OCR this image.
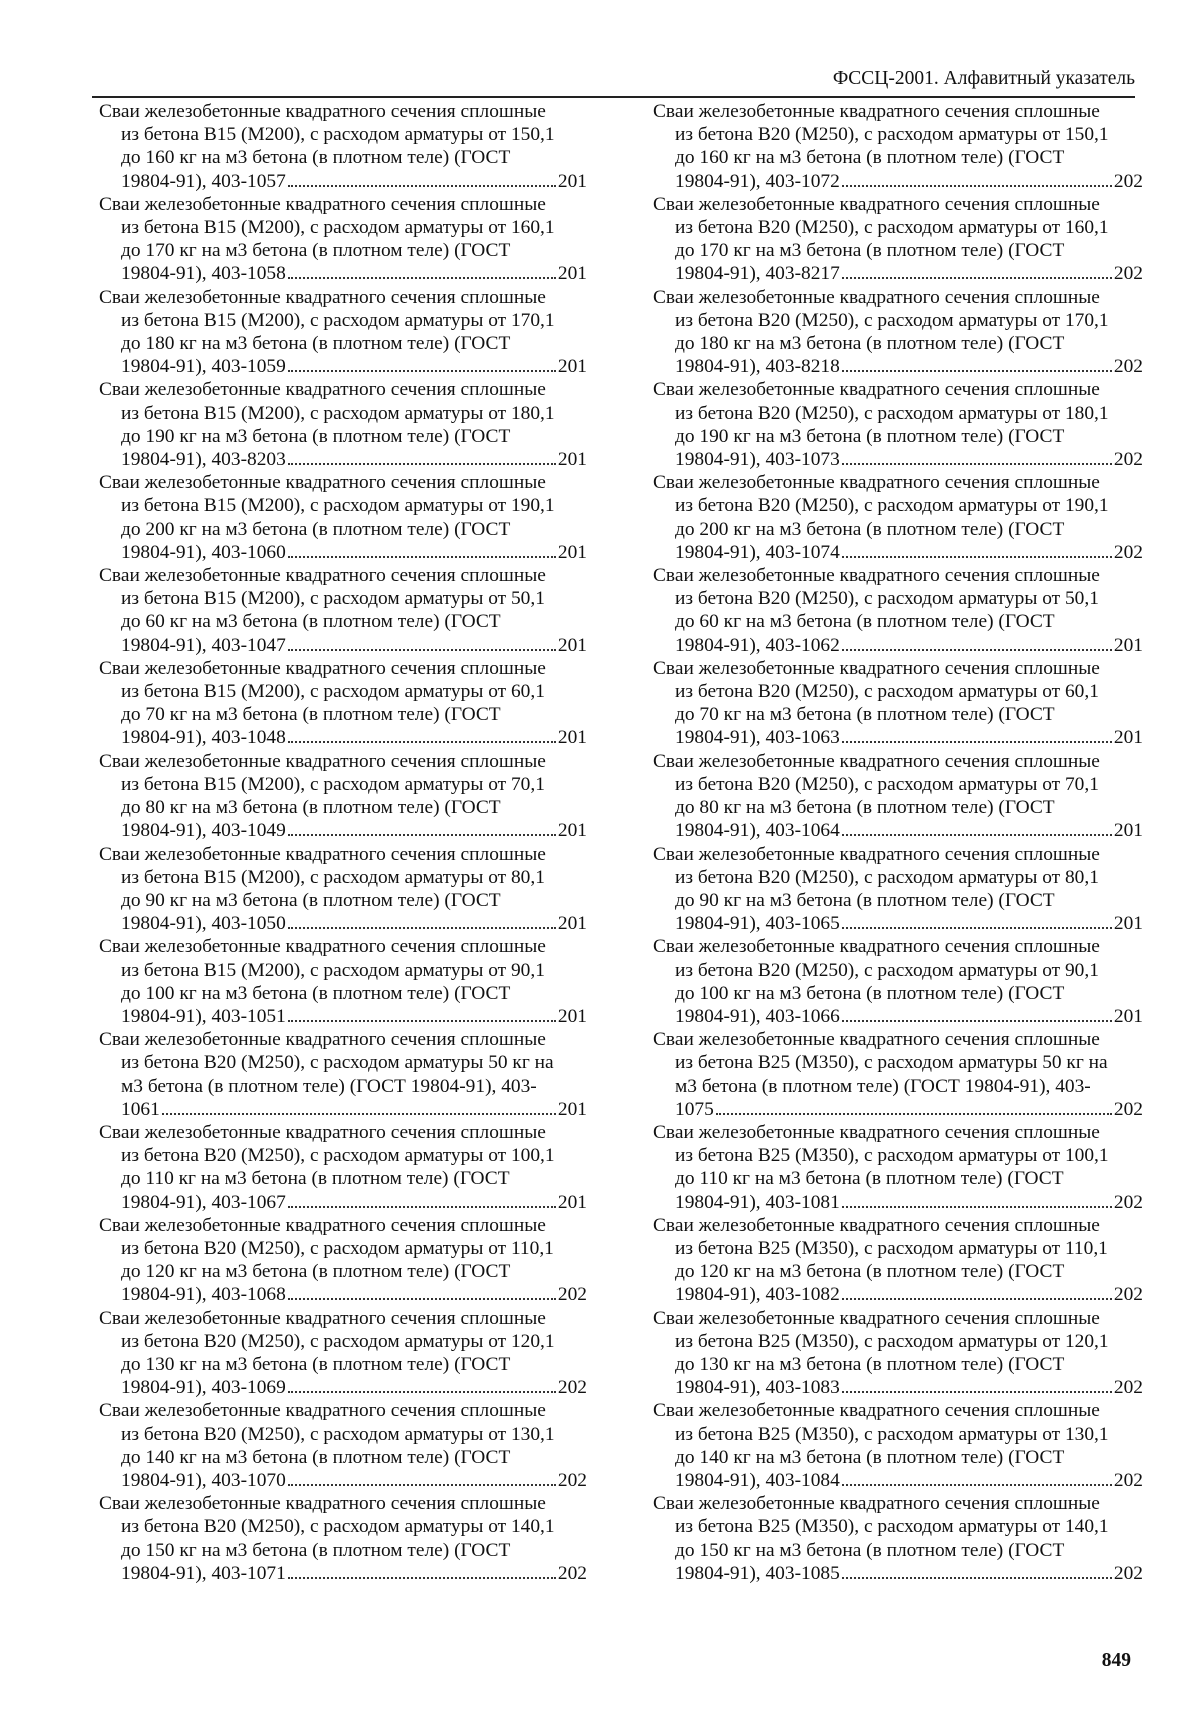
ФССЦ-2001. Алфавитный указатель
Сваи железобетонные квадратного сечения сплошные
из бетона В15 (М200), с расходом арматуры от 150,1
до 160 кг на м3 бетона (в плотном теле) (ГОСТ
19804-91), 403-1057	201
Сваи железобетонные квадратного сечения сплошные
из бетона В15 (М200), с расходом арматуры от 160,1
до 170 кг на м3 бетона (в плотном теле) (ГОСТ
19804-91), 403-1058	201
Сваи железобетонные квадратного сечения сплошные
из бетона В15 (М200), с расходом арматуры от 170,1
до 180 кг на м3 бетона (в плотном теле) (ГОСТ
19804-91), 403-1059	201
Сваи железобетонные квадратного сечения сплошные
из бетона В15 (М200), с расходом арматуры от 180,1
до 190 кг на м3 бетона (в плотном теле) (ГОСТ
19804-91), 403-8203	201
Сваи железобетонные квадратного сечения сплошные
из бетона В15 (М200), с расходом арматуры от 190,1
до 200 кг на м3 бетона (в плотном теле) (ГОСТ
19804-91), 403-1060	201
Сваи железобетонные квадратного сечения сплошные
из бетона В15 (М200), с расходом арматуры от 50,1
до 60 кг на м3 бетона (в плотном теле) (ГОСТ
19804-91), 403-1047	201
Сваи железобетонные квадратного сечения сплошные
из бетона В15 (М200), с расходом арматуры от 60,1
до 70 кг на м3 бетона (в плотном теле) (ГОСТ
19804-91), 403-1048	201
Сваи железобетонные квадратного сечения сплошные
из бетона В15 (М200), с расходом арматуры от 70,1
до 80 кг на м3 бетона (в плотном теле) (ГОСТ
19804-91), 403-1049	201
Сваи железобетонные квадратного сечения сплошные
из бетона В15 (М200), с расходом арматуры от 80,1
до 90 кг на м3 бетона (в плотном теле) (ГОСТ
19804-91), 403-1050	201
Сваи железобетонные квадратного сечения сплошные
из бетона В15 (М200), с расходом арматуры от 90,1
до 100 кг на м3 бетона (в плотном теле) (ГОСТ
19804-91), 403-1051	201
Сваи железобетонные квадратного сечения сплошные
из бетона В20 (М250), с расходом арматуры 50 кг на
м3 бетона (в плотном теле) (ГОСТ 19804-91), 403-
1061	201
Сваи железобетонные квадратного сечения сплошные
из бетона В20 (М250), с расходом арматуры от 100,1
до 110 кг на м3 бетона (в плотном теле) (ГОСТ
19804-91), 403-1067	201
Сваи железобетонные квадратного сечения сплошные
из бетона В20 (М250), с расходом арматуры от 110,1
до 120 кг на м3 бетона (в плотном теле) (ГОСТ
19804-91), 403-1068	202
Сваи железобетонные квадратного сечения сплошные
из бетона В20 (М250), с расходом арматуры от 120,1
до 130 кг на м3 бетона (в плотном теле) (ГОСТ
19804-91), 403-1069	202
Сваи железобетонные квадратного сечения сплошные
из бетона В20 (М250), с расходом арматуры от 130,1
до 140 кг на м3 бетона (в плотном теле) (ГОСТ
19804-91), 403-1070	202
Сваи железобетонные квадратного сечения сплошные
из бетона В20 (М250), с расходом арматуры от 140,1
до 150 кг на м3 бетона (в плотном теле) (ГОСТ
19804-91), 403-1071	202
Сваи железобетонные квадратного сечения сплошные
из бетона В20 (М250), с расходом арматуры от 150,1
до 160 кг на м3 бетона (в плотном теле) (ГОСТ
19804-91), 403-1072	202
Сваи железобетонные квадратного сечения сплошные
из бетона В20 (М250), с расходом арматуры от 160,1
до 170 кг на м3 бетона (в плотном теле) (ГОСТ
19804-91), 403-8217	202
Сваи железобетонные квадратного сечения сплошные
из бетона В20 (М250), с расходом арматуры от 170,1
до 180 кг на м3 бетона (в плотном теле) (ГОСТ
19804-91), 403-8218	202
Сваи железобетонные квадратного сечения сплошные
из бетона В20 (М250), с расходом арматуры от 180,1
до 190 кг на м3 бетона (в плотном теле) (ГОСТ
19804-91), 403-1073	202
Сваи железобетонные квадратного сечения сплошные
из бетона В20 (М250), с расходом арматуры от 190,1
до 200 кг на м3 бетона (в плотном теле) (ГОСТ
19804-91), 403-1074	202
Сваи железобетонные квадратного сечения сплошные
из бетона В20 (М250), с расходом арматуры от 50,1
до 60 кг на м3 бетона (в плотном теле) (ГОСТ
19804-91), 403-1062	201
Сваи железобетонные квадратного сечения сплошные
из бетона В20 (М250), с расходом арматуры от 60,1
до 70 кг на м3 бетона (в плотном теле) (ГОСТ
19804-91), 403-1063	201
Сваи железобетонные квадратного сечения сплошные
из бетона В20 (М250), с расходом арматуры от 70,1
до 80 кг на м3 бетона (в плотном теле) (ГОСТ
19804-91), 403-1064	201
Сваи железобетонные квадратного сечения сплошные
из бетона В20 (М250), с расходом арматуры от 80,1
до 90 кг на м3 бетона (в плотном теле) (ГОСТ
19804-91), 403-1065	201
Сваи железобетонные квадратного сечения сплошные
из бетона В20 (М250), с расходом арматуры от 90,1
до 100 кг на м3 бетона (в плотном теле) (ГОСТ
19804-91), 403-1066	201
Сваи железобетонные квадратного сечения сплошные
из бетона В25 (М350), с расходом арматуры 50 кг на
м3 бетона (в плотном теле) (ГОСТ 19804-91), 403-
1075	202
Сваи железобетонные квадратного сечения сплошные
из бетона В25 (М350), с расходом арматуры от 100,1
до 110 кг на м3 бетона (в плотном теле) (ГОСТ
19804-91), 403-1081	202
Сваи железобетонные квадратного сечения сплошные
из бетона В25 (М350), с расходом арматуры от 110,1
до 120 кг на м3 бетона (в плотном теле) (ГОСТ
19804-91), 403-1082	202
Сваи железобетонные квадратного сечения сплошные
из бетона В25 (М350), с расходом арматуры от 120,1
до 130 кг на м3 бетона (в плотном теле) (ГОСТ
19804-91), 403-1083	202
Сваи железобетонные квадратного сечения сплошные
из бетона В25 (М350), с расходом арматуры от 130,1
до 140 кг на м3 бетона (в плотном теле) (ГОСТ
19804-91), 403-1084	202
Сваи железобетонные квадратного сечения сплошные
из бетона В25 (М350), с расходом арматуры от 140,1
до 150 кг на м3 бетона (в плотном теле) (ГОСТ
19804-91), 403-1085	202
849
